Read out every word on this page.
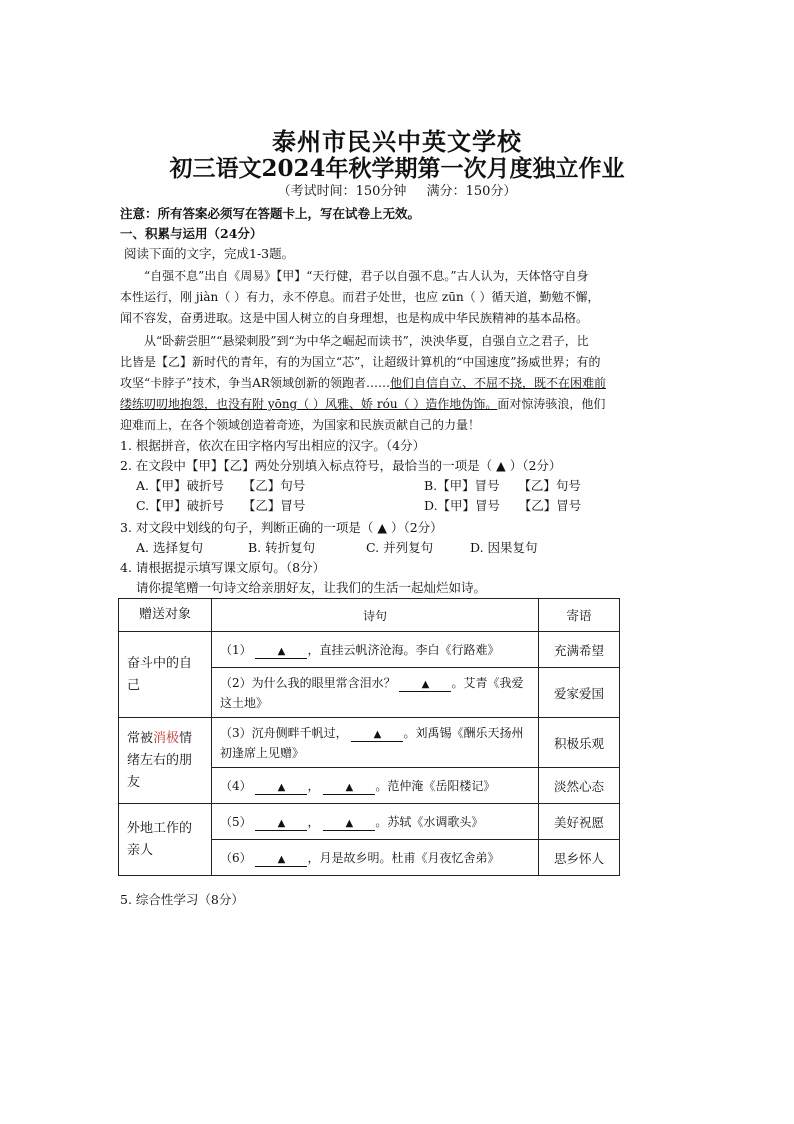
泰州市民兴中英文学校
初三语文2024年秋学期第一次月度独立作业
（考试时间：150分钟 满分：150分）
注意：所有答案必须写在答题卡上，写在试卷上无效。
一、积累与运用（24分）
阅读下面的文字，完成1-3题。
“自强不息”出自《周易》【甲】“天行健，君子以自强不息。”古人认为，天体恪守自身
本性运行，刚 jiàn（ ）有力，永不停息。而君子处世，也应 zūn（ ）循天道，勤勉不懈，
闻不容发，奋勇进取。这是中国人树立的自身理想，也是构成中华民族精神的基本品格。
从“卧薪尝胆”“悬梁刺股”到“为中华之崛起而读书”，泱泱华夏，自强自立之君子，比
比皆是【乙】新时代的青年，有的为国立“芯”，让超级计算机的“中国速度”扬威世界；有的
攻坚“卡脖子”技术，争当AR领域创新的领跑者……他们自信自立、不屈不挠，既不在困难前
缕练叨叨地抱怨，也没有附 yōng（ ）风雅、娇 róu（ ）造作地伪饰。面对惊涛骇浪，他们
迎难而上，在各个领域创造着奇迹，为国家和民族贡献自己的力量！
1. 根据拼音，依次在田字格内写出相应的汉字。（4分）
2. 在文段中【甲】【乙】两处分别填入标点符号，最恰当的一项是（ ▲ ）（2分）
A.【甲】破折号　　【乙】句号	B.【甲】冒号　　【乙】句号
C.【甲】破折号　　【乙】冒号	D.【甲】冒号　　【乙】冒号
3. 对文段中划线的句子，判断正确的一项是（ ▲ ）（2分）
A. 选择复句	B. 转折复句	C. 并列复句	D. 因果复句
4. 请根据提示填写课文原句。（8分）
请你提笔赠一句诗文给亲朋好友，让我们的生活一起灿烂如诗。
赠送对象	诗句	寄语
奋斗中的自己	（1） ▲ ，直挂云帆济沧海。李白《行路难》	充满希望
	（2）为什么我的眼里常含泪水？ ▲ 。艾青《我爱这土地》	爱家爱国
常被消极情绪左右的朋友	（3）沉舟侧畔千帆过， ▲ 。刘禹锡《酬乐天扬州初逢席上见赠》	积极乐观
	（4） ▲ ， ▲ 。范仲淹《岳阳楼记》	淡然心态
外地工作的亲人	（5） ▲ ， ▲ 。苏轼《水调歌头》	美好祝愿
	（6） ▲ ，月是故乡明。杜甫《月夜忆舍弟》	思乡怀人
5. 综合性学习（8分）
